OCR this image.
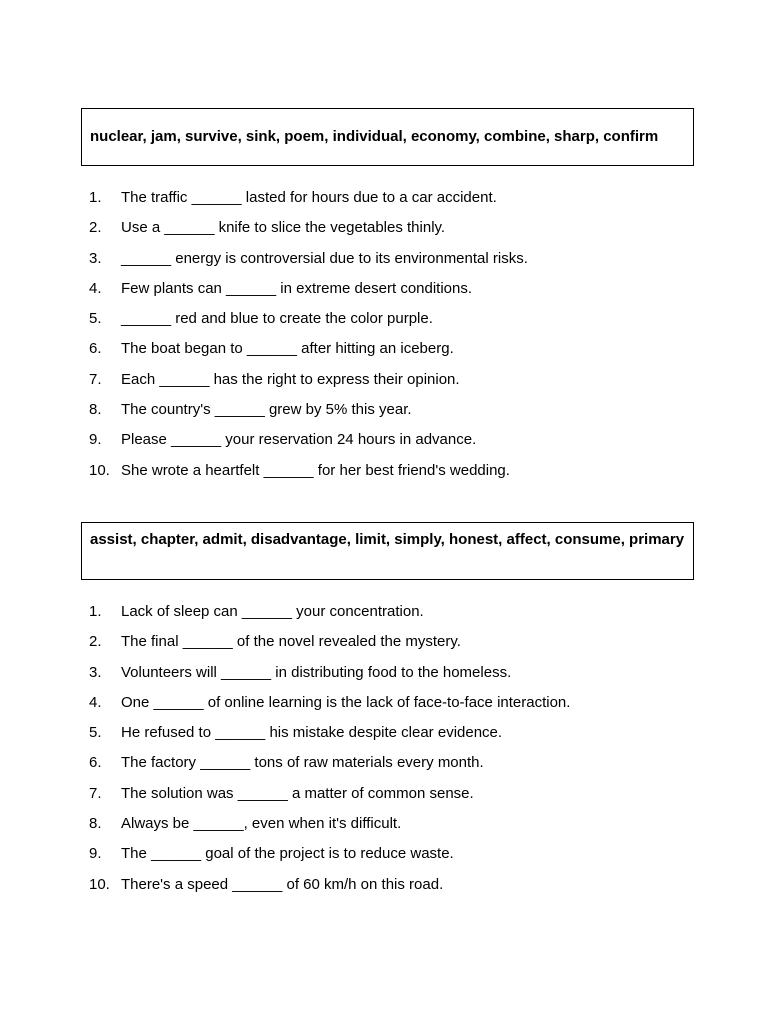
nuclear, jam, survive, sink, poem, individual, economy, combine, sharp, confirm
1. The traffic ______ lasted for hours due to a car accident.
2. Use a ______ knife to slice the vegetables thinly.
3. ______ energy is controversial due to its environmental risks.
4. Few plants can ______ in extreme desert conditions.
5. ______ red and blue to create the color purple.
6. The boat began to ______ after hitting an iceberg.
7. Each ______ has the right to express their opinion.
8. The country's ______ grew by 5% this year.
9. Please ______ your reservation 24 hours in advance.
10. She wrote a heartfelt ______ for her best friend's wedding.
assist, chapter, admit, disadvantage, limit, simply, honest, affect, consume, primary
1. Lack of sleep can ______ your concentration.
2. The final ______ of the novel revealed the mystery.
3. Volunteers will ______ in distributing food to the homeless.
4. One ______ of online learning is the lack of face-to-face interaction.
5. He refused to ______ his mistake despite clear evidence.
6. The factory ______ tons of raw materials every month.
7. The solution was ______ a matter of common sense.
8. Always be ______, even when it's difficult.
9. The ______ goal of the project is to reduce waste.
10. There's a speed ______ of 60 km/h on this road.
